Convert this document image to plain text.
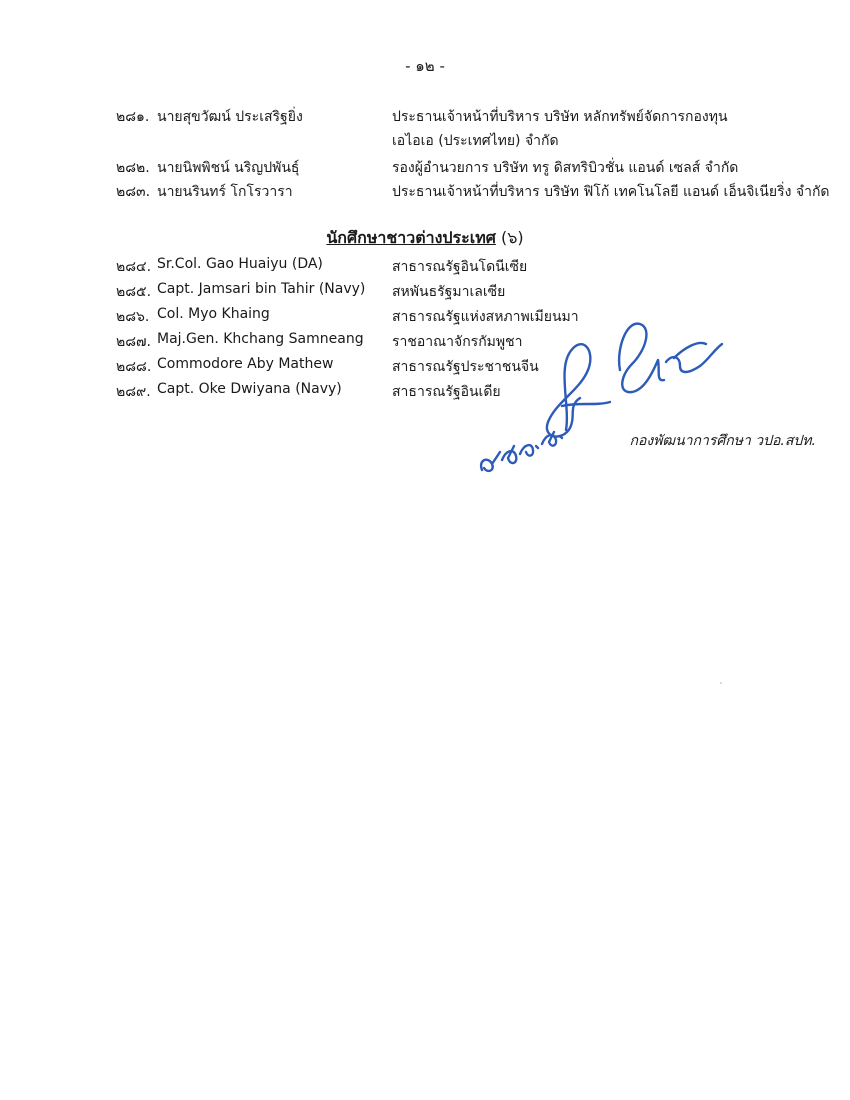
- ๑๒ -
๒๘๑. นายสุขวัฒน์ ประเสริฐยิ่ง	ประธานเจ้าหน้าที่บริหาร บริษัท หลักทรัพย์จัดการกองทุน
เอไอเอ (ประเทศไทย) จำกัด
๒๘๒. นายนิพพิชน์ นริญปพันธุ์	รองผู้อำนวยการ บริษัท ทรู ดิสทริบิวชั่น แอนด์ เซลส์ จำกัด
๒๘๓. นายนรินทร์ โกโรวารา	ประธานเจ้าหน้าที่บริหาร บริษัท ฟิโก้ เทคโนโลยี แอนด์ เอ็นจิเนียริ่ง จำกัด
นักศึกษาชาวต่างประเทศ (๖)
๒๘๔. Sr.Col. Gao Huaiyu (DA)	สาธารณรัฐอินโดนีเซีย
๒๘๕. Capt. Jamsari bin Tahir (Navy) สหพันธรัฐมาเลเซีย
๒๘๖. Col. Myo Khaing	สาธารณรัฐแห่งสหภาพเมียนมา
๒๘๗. Maj.Gen. Khchang Samneang ราชอาณาจักรกัมพูชา
๒๘๘. Commodore Aby Mathew	สาธารณรัฐประชาชนจีน
๒๘๙. Capt. Oke Dwiyana (Navy)	สาธารณรัฐอินเดีย
กองพัฒนาการศึกษา วปอ.สปท.
